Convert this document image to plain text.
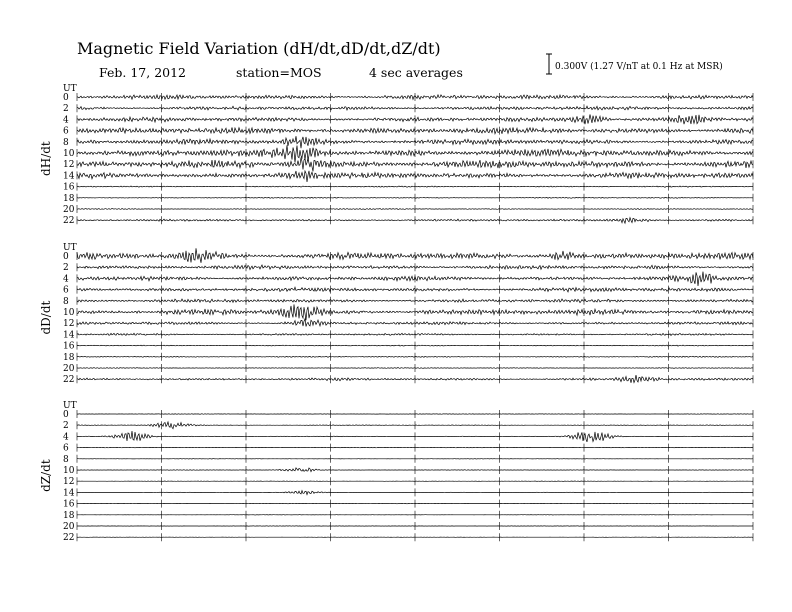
Magnetic Field Variation (dH/dt,dD/dt,dZ/dt)
Feb. 17, 2012	station=MOS	4 sec averages	0.300V (1.27 V/nT at 0.1 Hz at MSR)
UT
dH/dt
0
2
4
6
8
10
12
14
16
18
20
22
UT
dD/dt
0
2
4
6
8
10
12
14
16
18
20
22
UT
dZ/dt
0
2
4
6
8
10
12
14
16
18
20
22
